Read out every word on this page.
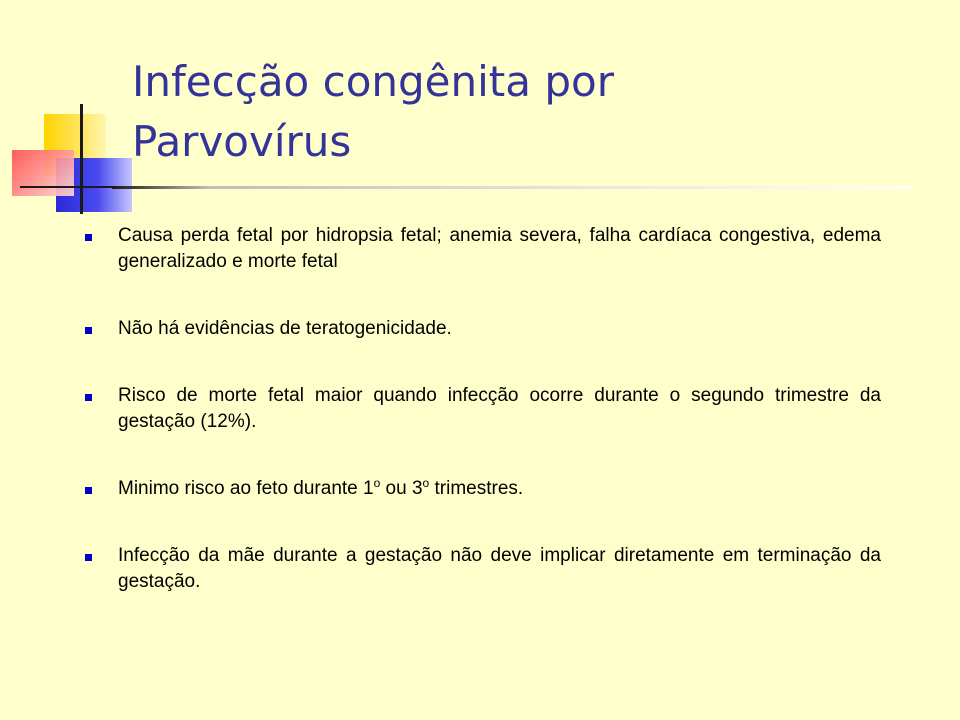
Infecção congênita por
Parvovírus
Causa perda fetal por hidropsia fetal; anemia severa, falha cardíaca congestiva, edema generalizado e morte fetal
Não há evidências de teratogenicidade.
Risco de morte fetal maior quando infecção ocorre durante o segundo trimestre da gestação (12%).
Minimo risco ao feto durante 1$^o$ ou 3$^o$ trimestres.
Infecção da mãe durante a gestação não deve implicar diretamente em terminação da gestação.
